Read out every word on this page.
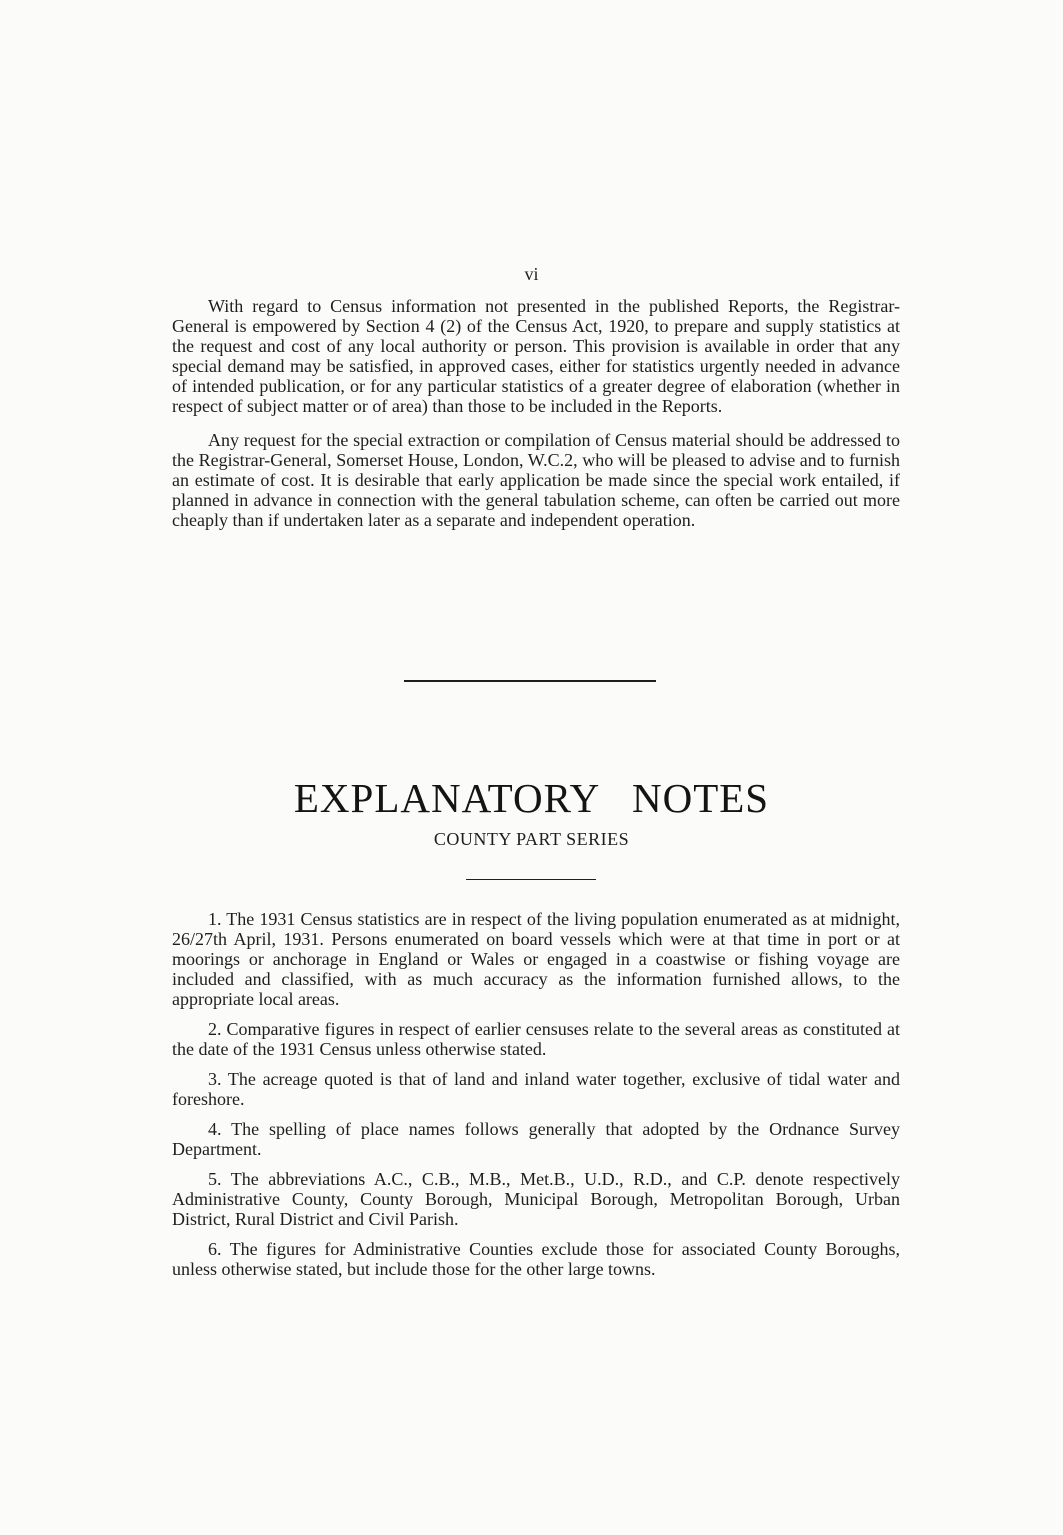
vi

With regard to Census information not presented in the published Reports, the Registrar-General is empowered by Section 4 (2) of the Census Act, 1920, to prepare and supply statistics at the request and cost of any local authority or person. This provision is available in order that any special demand may be satisfied, in approved cases, either for statistics urgently needed in advance of intended publication, or for any particular statistics of a greater degree of elaboration (whether in respect of subject matter or of area) than those to be included in the Reports.

Any request for the special extraction or compilation of Census material should be addressed to the Registrar-General, Somerset House, London, W.C.2, who will be pleased to advise and to furnish an estimate of cost. It is desirable that early application be made since the special work entailed, if planned in advance in connection with the general tabulation scheme, can often be carried out more cheaply than if undertaken later as a separate and independent operation.

EXPLANATORY NOTES
COUNTY PART SERIES

1. The 1931 Census statistics are in respect of the living population enumerated as at midnight, 26/27th April, 1931. Persons enumerated on board vessels which were at that time in port or at moorings or anchorage in England or Wales or engaged in a coastwise or fishing voyage are included and classified, with as much accuracy as the information furnished allows, to the appropriate local areas.

2. Comparative figures in respect of earlier censuses relate to the several areas as constituted at the date of the 1931 Census unless otherwise stated.

3. The acreage quoted is that of land and inland water together, exclusive of tidal water and foreshore.

4. The spelling of place names follows generally that adopted by the Ordnance Survey Department.

5. The abbreviations A.C., C.B., M.B., Met.B., U.D., R.D., and C.P. denote respectively Administrative County, County Borough, Municipal Borough, Metropolitan Borough, Urban District, Rural District and Civil Parish.

6. The figures for Administrative Counties exclude those for associated County Boroughs, unless otherwise stated, but include those for the other large towns.
